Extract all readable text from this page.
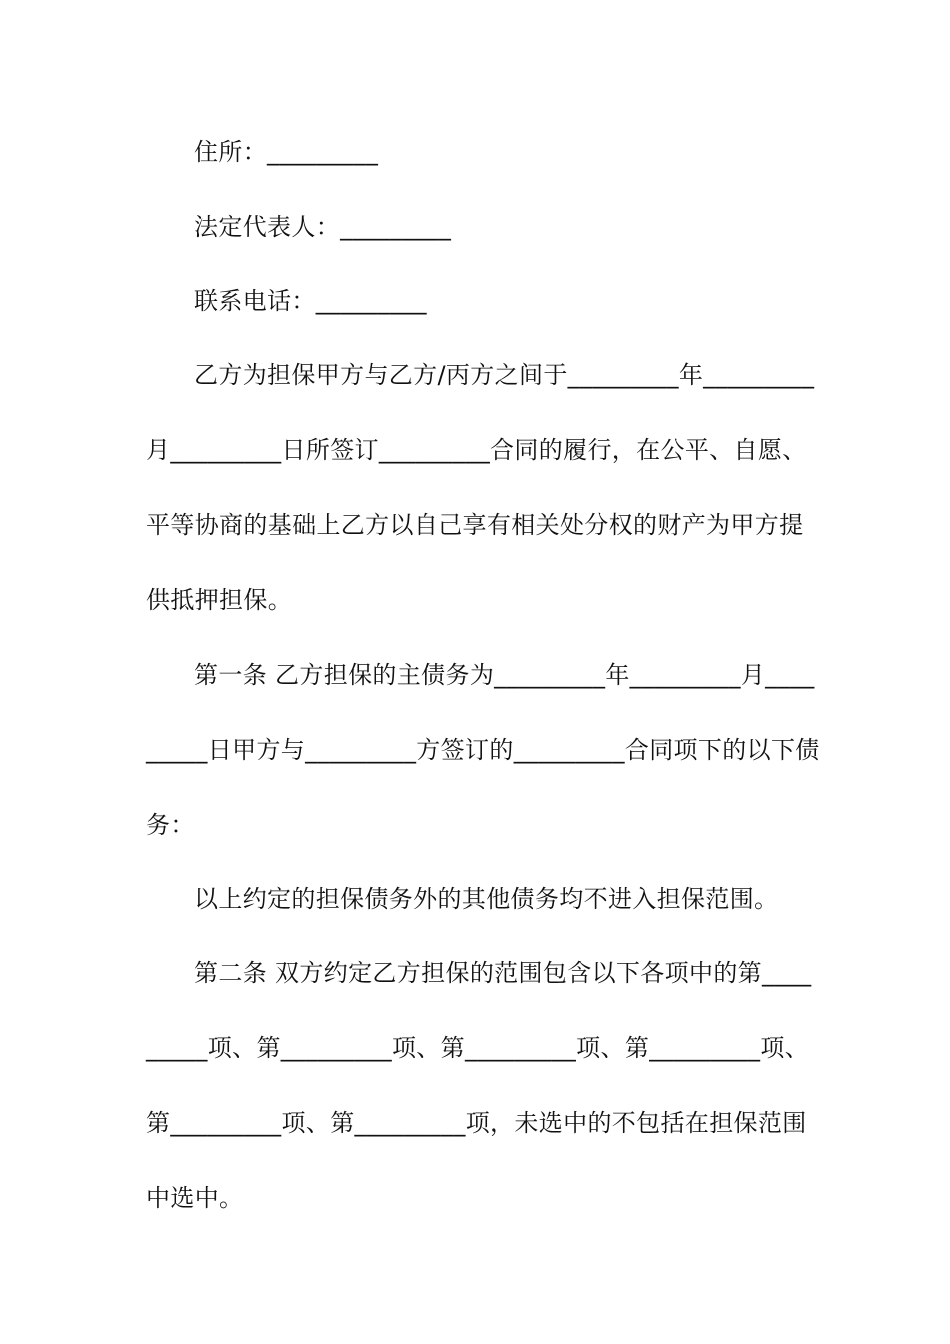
住所：_________
法定代表人：_________
联系电话：_________
乙方为担保甲方与乙方/丙方之间于_________年_________
月_________日所签订_________合同的履行，在公平、自愿、
平等协商的基础上乙方以自己享有相关处分权的财产为甲方提
供抵押担保。
第一条 乙方担保的主债务为_________年_________月____
_____日甲方与_________方签订的_________合同项下的以下债
务：
以上约定的担保债务外的其他债务均不进入担保范围。
第二条 双方约定乙方担保的范围包含以下各项中的第____
_____项、第_________项、第_________项、第_________项、
第_________项、第_________项，未选中的不包括在担保范围
中选中。
